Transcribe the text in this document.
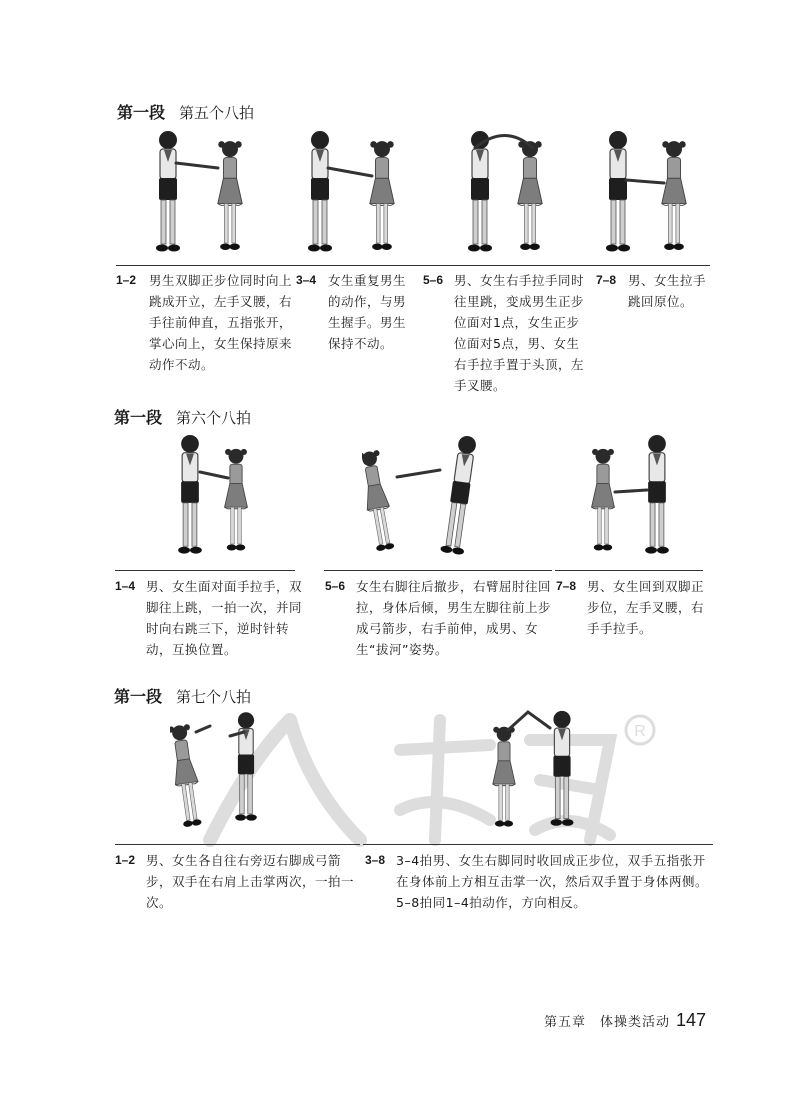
R
第一段 第五个八拍
1–2 男生双脚正步位同时向上跳成开立，左手叉腰，右手往前伸直，五指张开，掌心向上，女生保持原来动作不动。
3–4 女生重复男生的动作，与男生握手。男生保持不动。
5–6 男、女生右手拉手同时往里跳，变成男生正步位面对1点，女生正步位面对5点，男、女生右手拉手置于头顶，左手叉腰。
7–8 男、女生拉手跳回原位。
第一段 第六个八拍
1–4 男、女生面对面手拉手，双脚往上跳，一拍一次，并同时向右跳三下，逆时针转动，互换位置。
5–6 女生右脚往后撤步，右臂屈肘往回拉，身体后倾，男生左脚往前上步成弓箭步，右手前伸，成男、女生“拔河”姿势。
7–8 男、女生回到双脚正步位，左手叉腰，右手手拉手。
第一段 第七个八拍
1–2 男、女生各自往右旁迈右脚成弓箭步，双手在右肩上击掌两次，一拍一次。
3–8 3–4拍男、女生右脚同时收回成正步位，双手五指张开在身体前上方相互击掌一次，然后双手置于身体两侧。5–8拍同1–4拍动作，方向相反。
第五章　体操类活动 147
